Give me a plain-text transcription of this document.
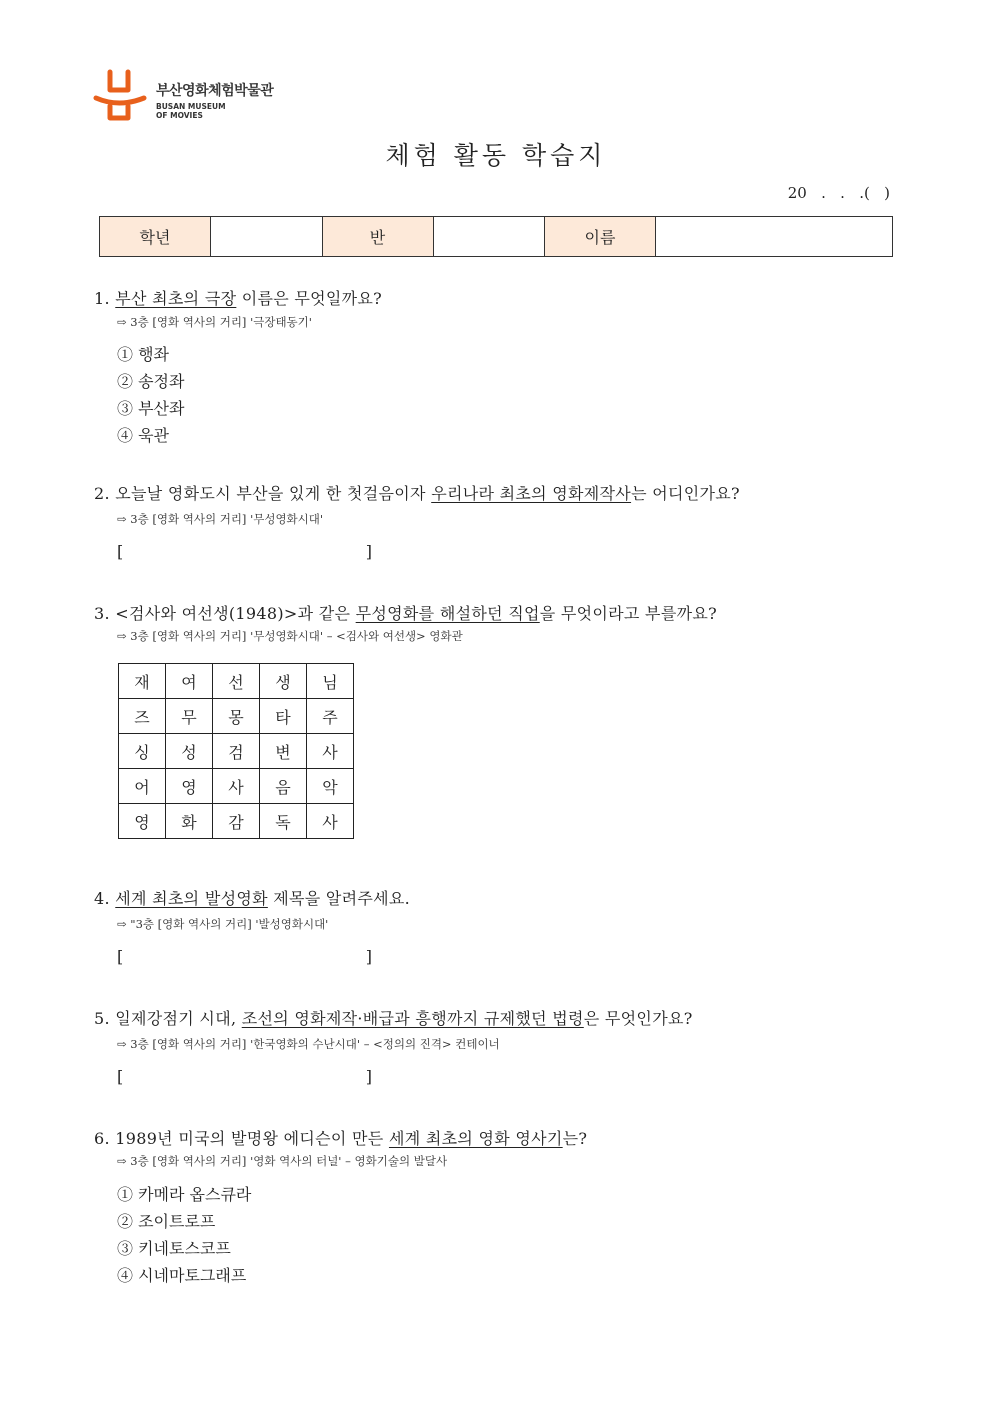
부산영화체험박물관
BUSAN MUSEUM
OF MOVIES
체험 활동 학습지
20   .   .   .(   )
학년		반		이름	
1. 부산 최초의 극장 이름은 무엇일까요?
⇨ 3층 [영화 역사의 거리] '극장태동기'
① 행좌
② 송정좌
③ 부산좌
④ 욱관
2. 오늘날 영화도시 부산을 있게 한 첫걸음이자 우리나라 최초의 영화제작사는 어디인가요?
⇨ 3층 [영화 역사의 거리] '무성영화시대'
[	]
3. <검사와 여선생(1948)>과 같은 무성영화를 해설하던 직업을 무엇이라고 부를까요?
⇨ 3층 [영화 역사의 거리] '무성영화시대' – <검사와 여선생> 영화관
재	여	선	생	님
즈	무	몽	타	주
싱	성	검	변	사
어	영	사	음	악
영	화	감	독	사
4. 세계 최초의 발성영화 제목을 알려주세요.
⇨ "3층 [영화 역사의 거리] '발성영화시대'
[	]
5. 일제강점기 시대, 조선의 영화제작·배급과 흥행까지 규제했던 법령은 무엇인가요?
⇨ 3층 [영화 역사의 거리] '한국영화의 수난시대' – <정의의 진격> 컨테이너
[	]
6. 1989년 미국의 발명왕 에디슨이 만든 세계 최초의 영화 영사기는?
⇨ 3층 [영화 역사의 거리] '영화 역사의 터널' – 영화기술의 발달사
① 카메라 옵스큐라
② 조이트로프
③ 키네토스코프
④ 시네마토그래프
